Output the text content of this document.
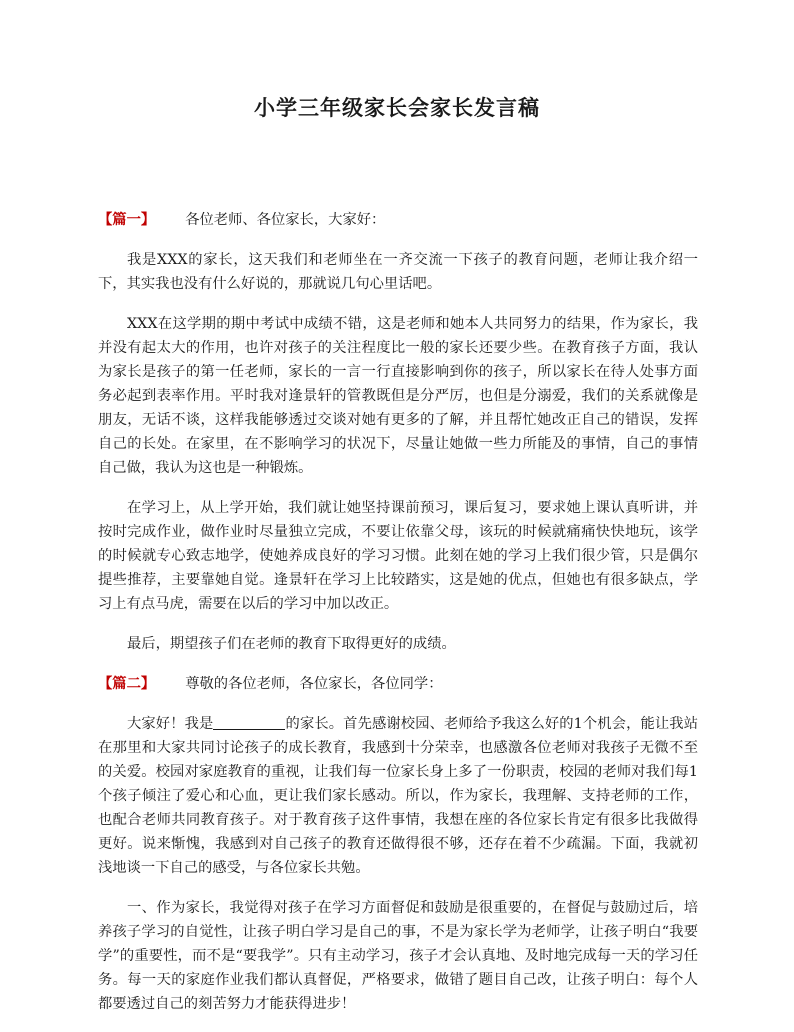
小学三年级家长会家长发言稿
【篇一】 各位老师、各位家长，大家好：

我是XXX的家长，这天我们和老师坐在一齐交流一下孩子的教育问题，老师让我介绍一下，其实我也没有什么好说的，那就说几句心里话吧。

XXX在这学期的期中考试中成绩不错，这是老师和她本人共同努力的结果，作为家长，我并没有起太大的作用，也许对孩子的关注程度比一般的家长还要少些。在教育孩子方面，我认为家长是孩子的第一任老师，家长的一言一行直接影响到你的孩子，所以家长在待人处事方面务必起到表率作用。平时我对逢景轩的管教既但是分严厉，也但是分溺爱，我们的关系就像是朋友，无话不谈，这样我能够透过交谈对她有更多的了解，并且帮忙她改正自己的错误，发挥自己的长处。在家里，在不影响学习的状况下，尽量让她做一些力所能及的事情，自己的事情自己做，我认为这也是一种锻炼。

在学习上，从上学开始，我们就让她坚持课前预习，课后复习，要求她上课认真听讲，并按时完成作业，做作业时尽量独立完成，不要让依靠父母，该玩的时候就痛痛快快地玩，该学的时候就专心致志地学，使她养成良好的学习习惯。此刻在她的学习上我们很少管，只是偶尔提些推荐，主要靠她自觉。逢景轩在学习上比较踏实，这是她的优点，但她也有很多缺点，学习上有点马虎，需要在以后的学习中加以改正。

最后，期望孩子们在老师的教育下取得更好的成绩。

【篇二】 尊敬的各位老师，各位家长，各位同学：

大家好！我是	的家长。首先感谢校园、老师给予我这么好的1个机会，能让我站在那里和大家共同讨论孩子的成长教育，我感到十分荣幸，也感激各位老师对我孩子无微不至的关爱。校园对家庭教育的重视，让我们每一位家长身上多了一份职责，校园的老师对我们每1个孩子倾注了爱心和心血，更让我们家长感动。所以，作为家长，我理解、支持老师的工作，也配合老师共同教育孩子。对于教育孩子这件事情，我想在座的各位家长肯定有很多比我做得更好。说来惭愧，我感到对自己孩子的教育还做得很不够，还存在着不少疏漏。下面，我就初浅地谈一下自己的感受，与各位家长共勉。

一、作为家长，我觉得对孩子在学习方面督促和鼓励是很重要的，在督促与鼓励过后，培养孩子学习的自觉性，让孩子明白学习是自己的事，不是为家长学为老师学，让孩子明白“我要学”的重要性，而不是“要我学”。只有主动学习，孩子才会认真地、及时地完成每一天的学习任务。每一天的家庭作业我们都认真督促，严格要求，做错了题目自己改，让孩子明白：每个人都要透过自己的刻苦努力才能获得进步！
